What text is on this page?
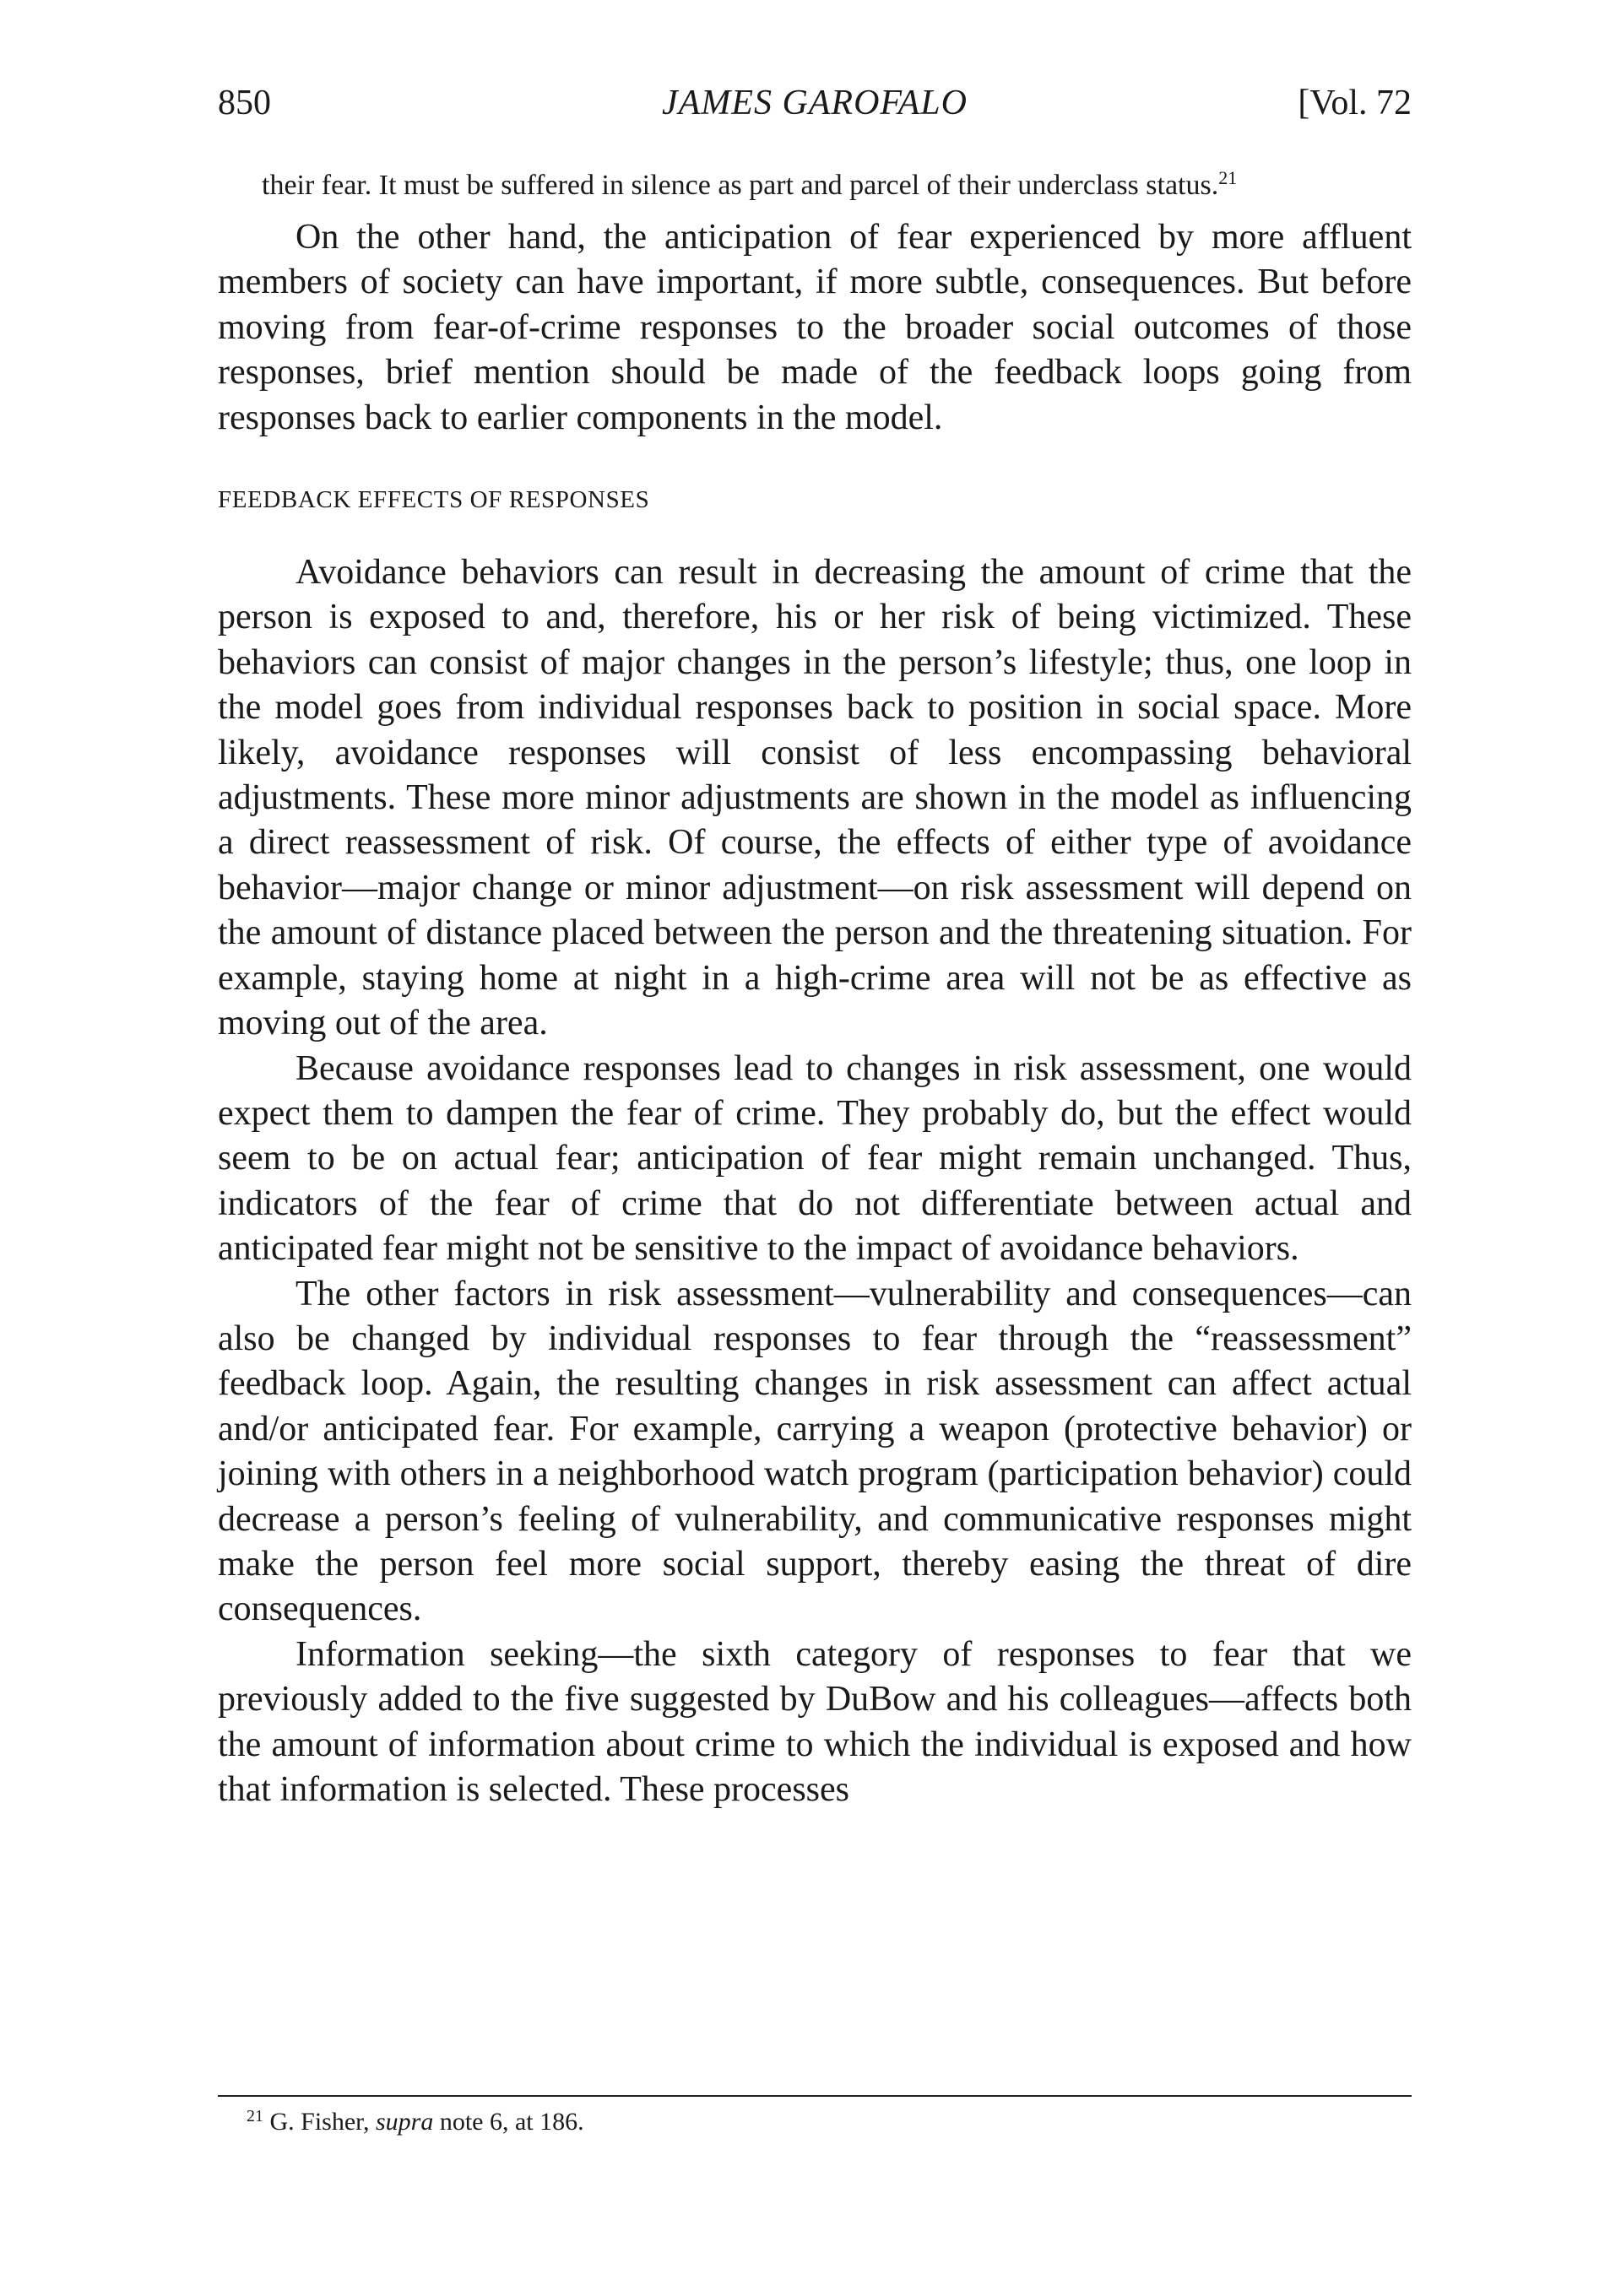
850	JAMES GAROFALO	[Vol. 72

their fear. It must be suffered in silence as part and parcel of their underclass status.$^{21}$

On the other hand, the anticipation of fear experienced by more affluent members of society can have important, if more subtle, consequences. But before moving from fear-of-crime responses to the broader social outcomes of those responses, brief mention should be made of the feedback loops going from responses back to earlier components in the model.

FEEDBACK EFFECTS OF RESPONSES

Avoidance behaviors can result in decreasing the amount of crime that the person is exposed to and, therefore, his or her risk of being victimized. These behaviors can consist of major changes in the person’s lifestyle; thus, one loop in the model goes from individual responses back to position in social space. More likely, avoidance responses will consist of less encompassing behavioral adjustments. These more minor adjustments are shown in the model as influencing a direct reassessment of risk. Of course, the effects of either type of avoidance behavior—major change or minor adjustment—on risk assessment will depend on the amount of distance placed between the person and the threatening situation. For example, staying home at night in a high-crime area will not be as effective as moving out of the area.

Because avoidance responses lead to changes in risk assessment, one would expect them to dampen the fear of crime. They probably do, but the effect would seem to be on actual fear; anticipation of fear might remain unchanged. Thus, indicators of the fear of crime that do not differentiate between actual and anticipated fear might not be sensitive to the impact of avoidance behaviors.

The other factors in risk assessment—vulnerability and consequences—can also be changed by individual responses to fear through the “reassessment” feedback loop. Again, the resulting changes in risk assessment can affect actual and/or anticipated fear. For example, carrying a weapon (protective behavior) or joining with others in a neighborhood watch program (participation behavior) could decrease a person’s feeling of vulnerability, and communicative responses might make the person feel more social support, thereby easing the threat of dire consequences.

Information seeking—the sixth category of responses to fear that we previously added to the five suggested by DuBow and his colleagues—affects both the amount of information about crime to which the individual is exposed and how that information is selected. These processes

$^{21}$ G. Fisher, supra note 6, at 186.
